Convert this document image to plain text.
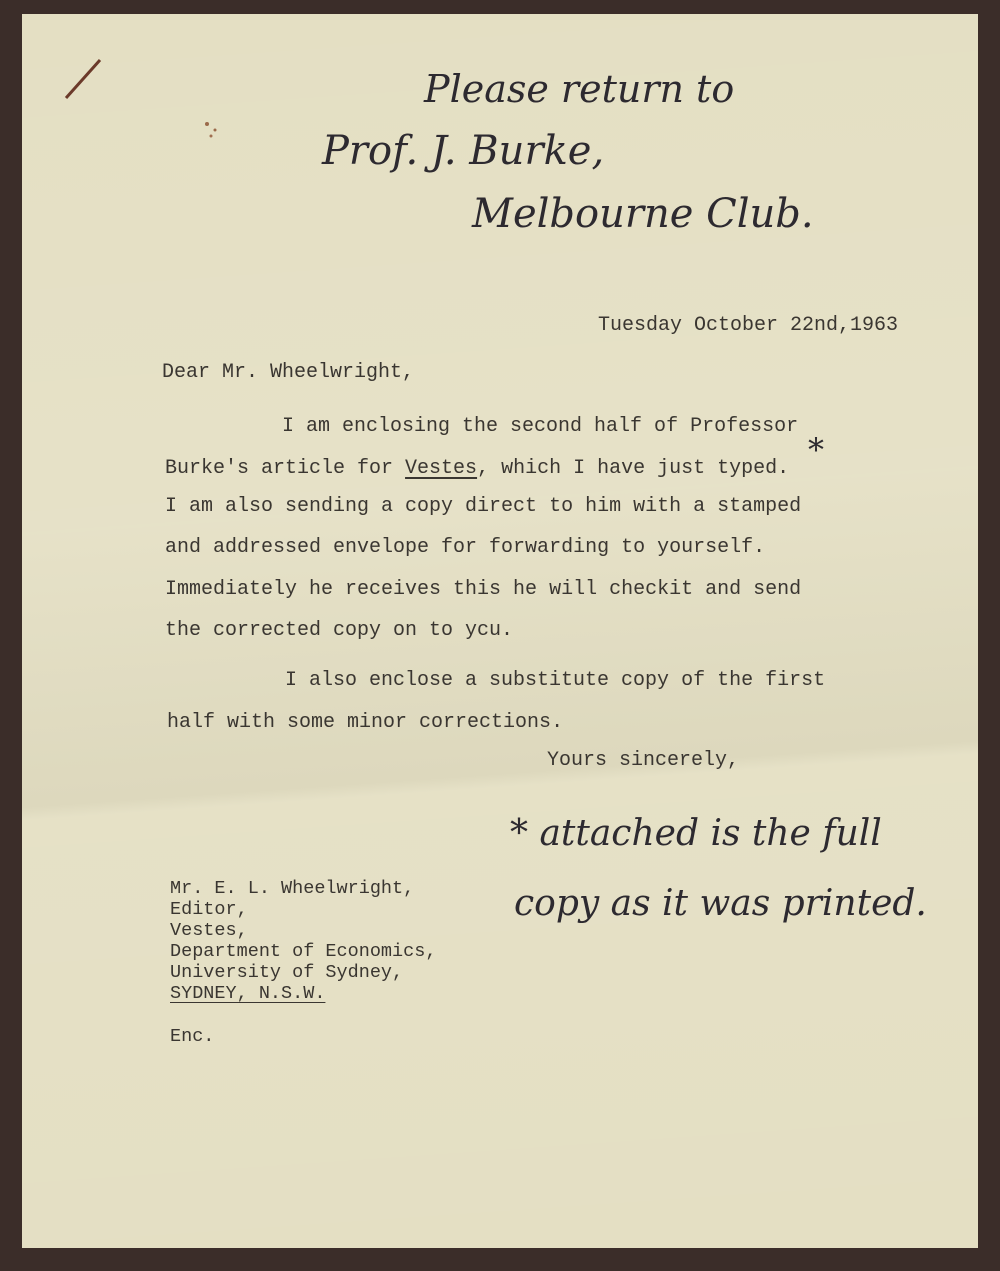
Please return to
Prof. J. Burke,
Melbourne Club.
Tuesday October 22nd,1963
Dear Mr. Wheelwright,
I am enclosing the second half of Professor
Burke's article for Vestes, which I have just typed. *
I am also sending a copy direct to him with a stamped
and addressed envelope for forwarding to yourself.
Immediately he receives this he will checkit and send
the corrected copy on to ycu.
I also enclose a substitute copy of the first
half with some minor corrections.
Yours sincerely,
* attached is the full
copy as it was printed.
Mr. E. L. Wheelwright,
Editor,
Vestes,
Department of Economics,
University of Sydney,
SYDNEY, N.S.W.
Enc.
